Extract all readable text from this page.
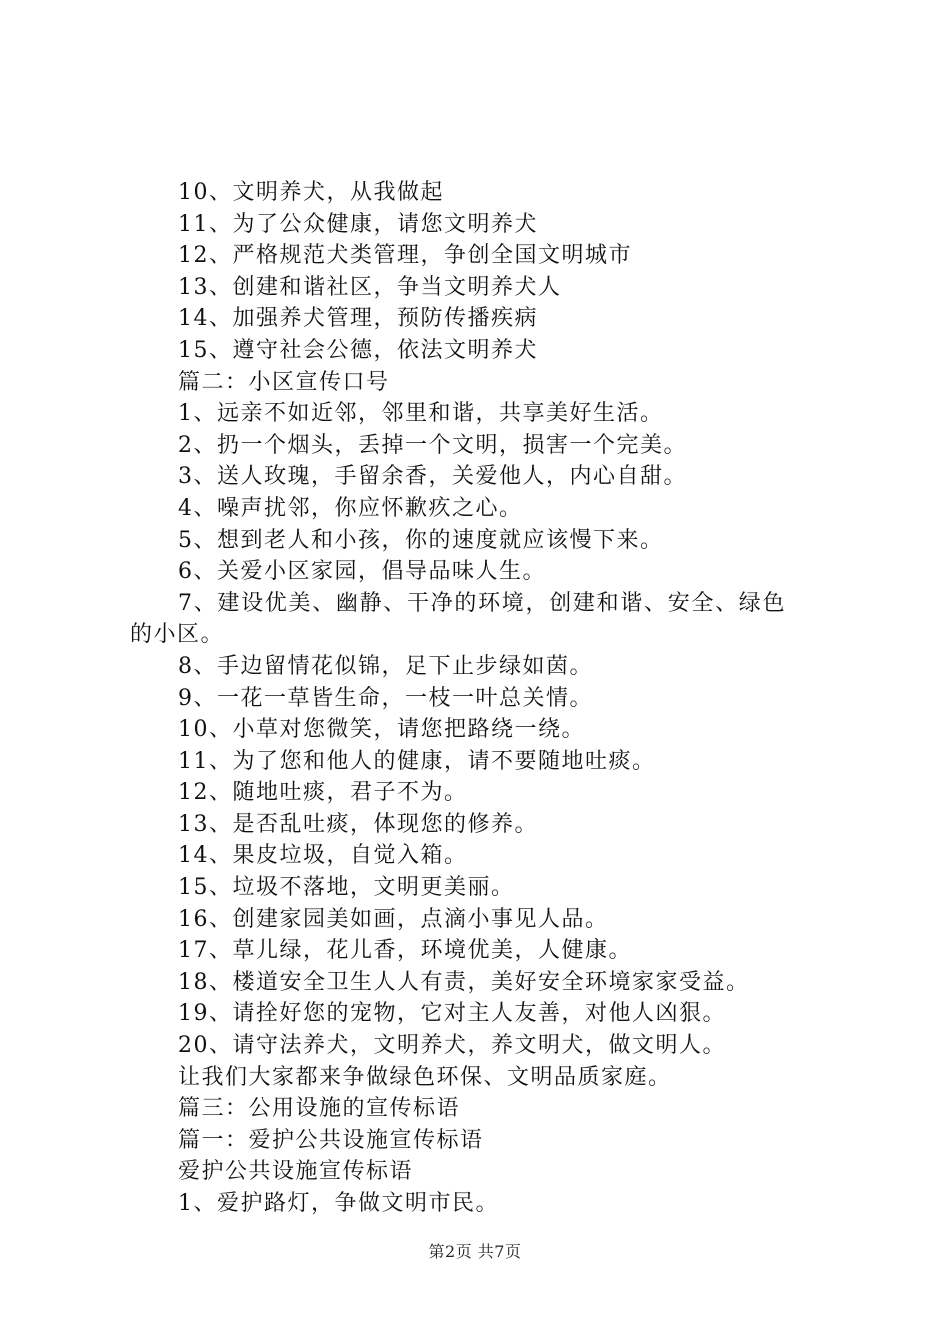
10、文明养犬，从我做起
11、为了公众健康，请您文明养犬
12、严格规范犬类管理，争创全国文明城市
13、创建和谐社区，争当文明养犬人
14、加强养犬管理，预防传播疾病
15、遵守社会公德，依法文明养犬
篇二：小区宣传口号
1、远亲不如近邻，邻里和谐，共享美好生活。
2、扔一个烟头，丢掉一个文明，损害一个完美。
3、送人玫瑰，手留余香，关爱他人，内心自甜。
4、噪声扰邻，你应怀歉疚之心。
5、想到老人和小孩，你的速度就应该慢下来。
6、关爱小区家园，倡导品味人生。
7、建设优美、幽静、干净的环境，创建和谐、安全、绿色
的小区。
8、手边留情花似锦，足下止步绿如茵。
9、一花一草皆生命，一枝一叶总关情。
10、小草对您微笑，请您把路绕一绕。
11、为了您和他人的健康，请不要随地吐痰。
12、随地吐痰，君子不为。
13、是否乱吐痰，体现您的修养。
14、果皮垃圾，自觉入箱。
15、垃圾不落地，文明更美丽。
16、创建家园美如画，点滴小事见人品。
17、草儿绿，花儿香，环境优美，人健康。
18、楼道安全卫生人人有责，美好安全环境家家受益。
19、请拴好您的宠物，它对主人友善，对他人凶狠。
20、请守法养犬，文明养犬，养文明犬，做文明人。
让我们大家都来争做绿色环保、文明品质家庭。
篇三：公用设施的宣传标语
篇一：爱护公共设施宣传标语
爱护公共设施宣传标语
1、爱护路灯，争做文明市民。
第2页 共7页
